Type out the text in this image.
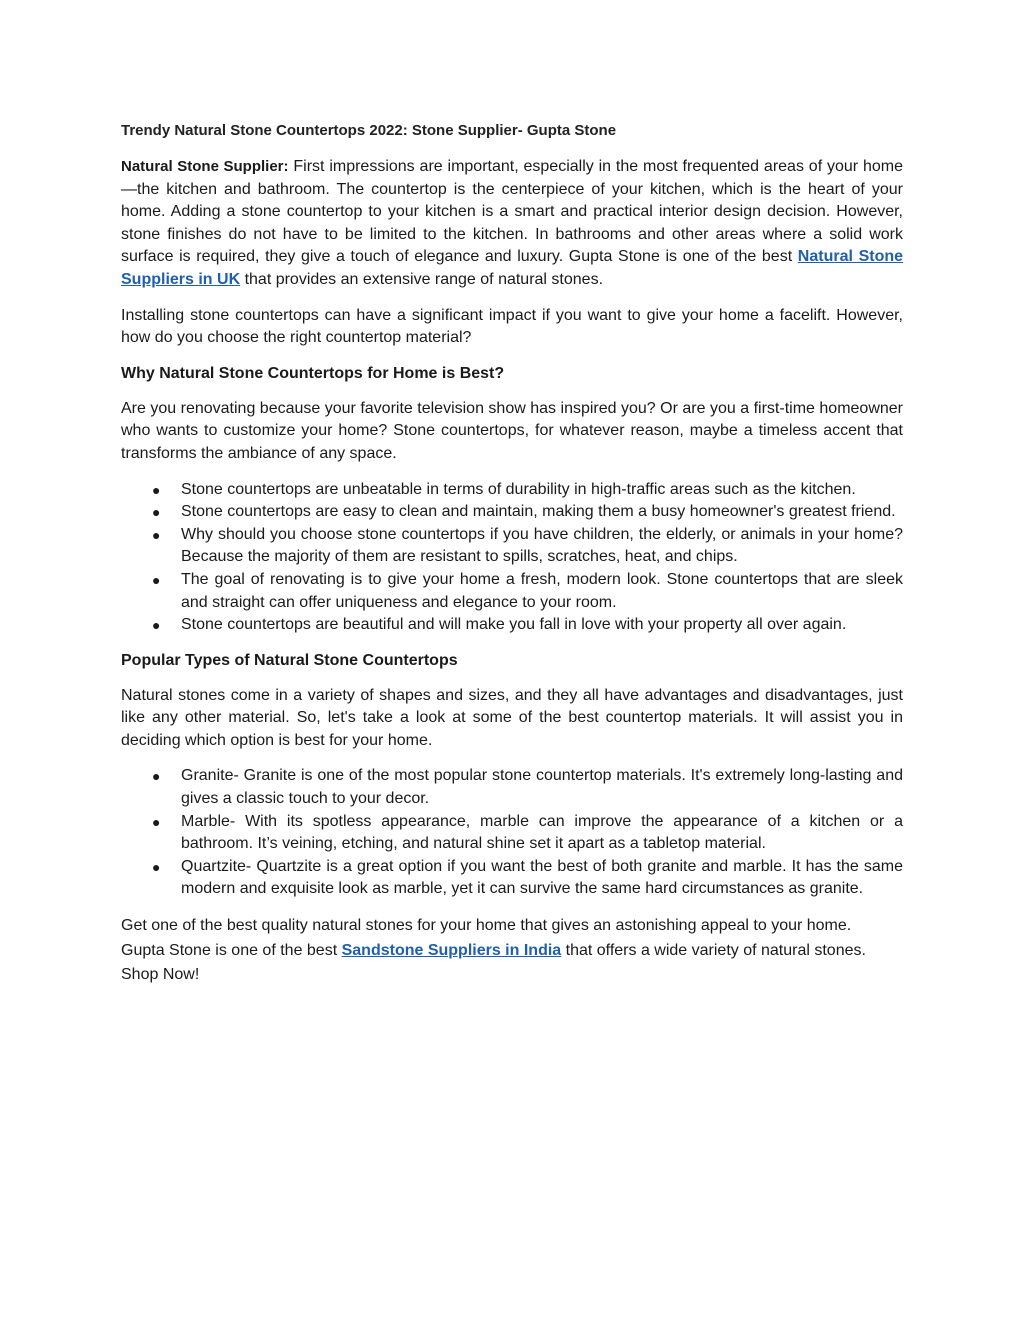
Trendy Natural Stone Countertops 2022: Stone Supplier- Gupta Stone

Natural Stone Supplier: First impressions are important, especially in the most frequented areas of your home—the kitchen and bathroom. The countertop is the centerpiece of your kitchen, which is the heart of your home. Adding a stone countertop to your kitchen is a smart and practical interior design decision. However, stone finishes do not have to be limited to the kitchen. In bathrooms and other areas where a solid work surface is required, they give a touch of elegance and luxury. Gupta Stone is one of the best Natural Stone Suppliers in UK that provides an extensive range of natural stones.

Installing stone countertops can have a significant impact if you want to give your home a facelift. However, how do you choose the right countertop material?

Why Natural Stone Countertops for Home is Best?

Are you renovating because your favorite television show has inspired you? Or are you a first-time homeowner who wants to customize your home? Stone countertops, for whatever reason, maybe a timeless accent that transforms the ambiance of any space.

● Stone countertops are unbeatable in terms of durability in high-traffic areas such as the kitchen.
● Stone countertops are easy to clean and maintain, making them a busy homeowner's greatest friend.
● Why should you choose stone countertops if you have children, the elderly, or animals in your home? Because the majority of them are resistant to spills, scratches, heat, and chips.
● The goal of renovating is to give your home a fresh, modern look. Stone countertops that are sleek and straight can offer uniqueness and elegance to your room.
● Stone countertops are beautiful and will make you fall in love with your property all over again.
Popular Types of Natural Stone Countertops

Natural stones come in a variety of shapes and sizes, and they all have advantages and disadvantages, just like any other material. So, let's take a look at some of the best countertop materials. It will assist you in deciding which option is best for your home.

● Granite- Granite is one of the most popular stone countertop materials. It's extremely long-lasting and gives a classic touch to your decor.
● Marble- With its spotless appearance, marble can improve the appearance of a kitchen or a bathroom. It’s veining, etching, and natural shine set it apart as a tabletop material.
● Quartzite- Quartzite is a great option if you want the best of both granite and marble. It has the same modern and exquisite look as marble, yet it can survive the same hard circumstances as granite.

Get one of the best quality natural stones for your home that gives an astonishing appeal to your home.
Gupta Stone is one of the best Sandstone Suppliers in India that offers a wide variety of natural stones.
Shop Now!
